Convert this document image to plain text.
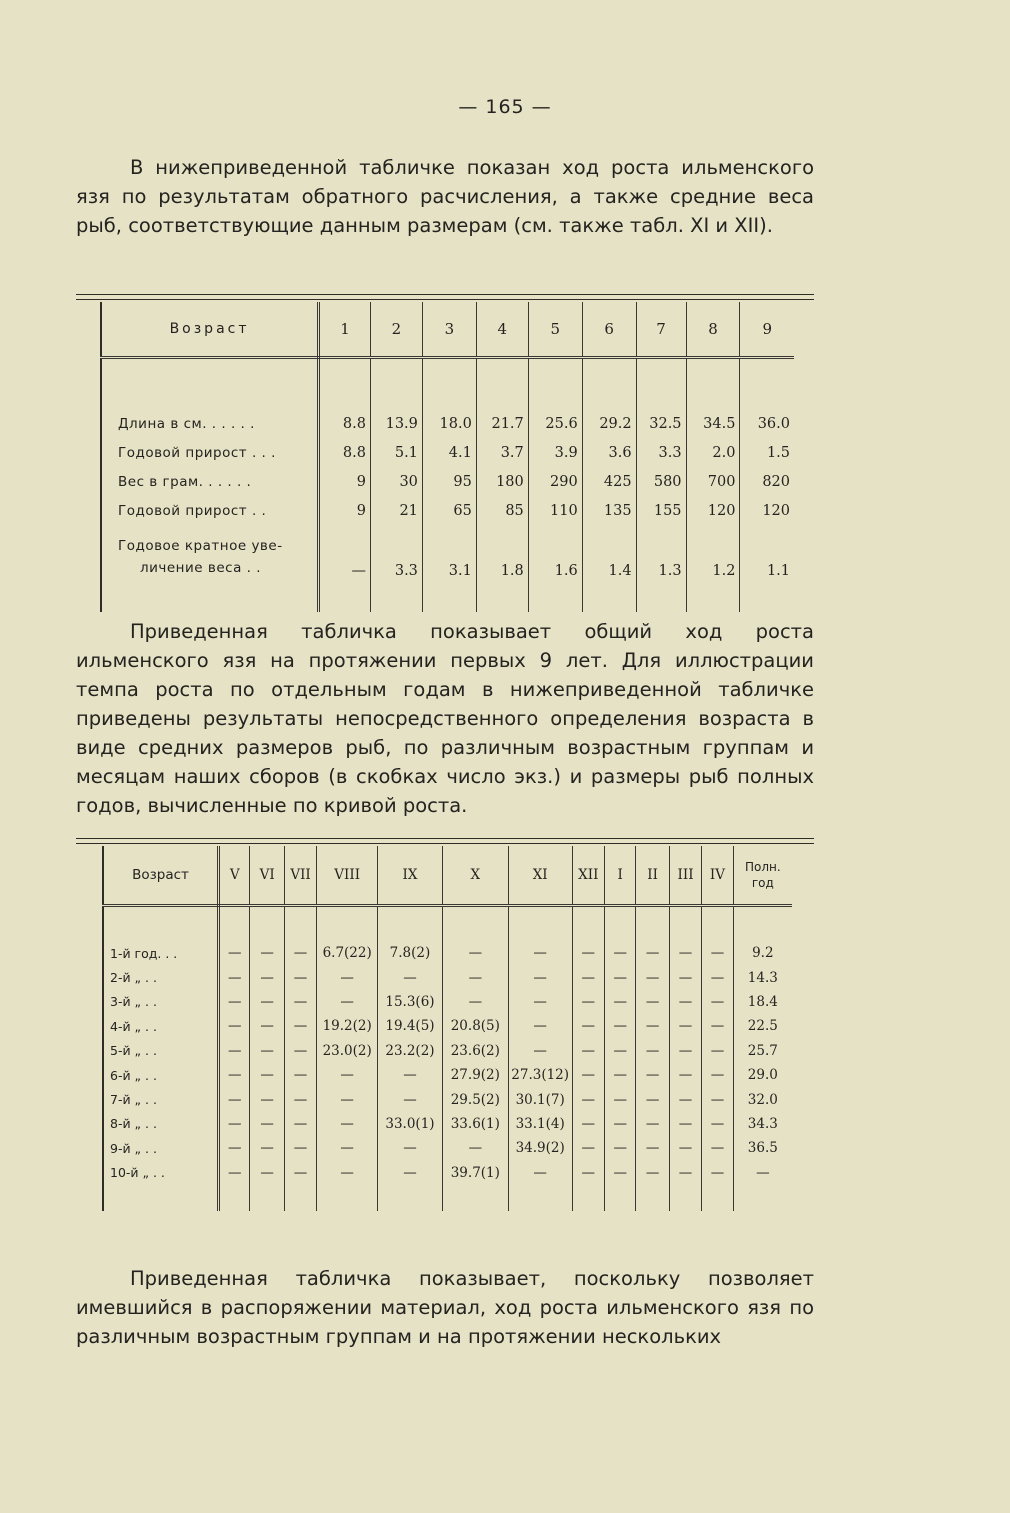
— 165 —

В нижеприведенной табличке показан ход роста ильменского язя по результатам обратного расчисления, а также средние веса рыб, соответствующие данным размерам (см. также табл. XI и XII).

Возраст	1	2	3	4	5	6	7	8	9

Длина в см. . . . . .	8.8	13.9	18.0	21.7	25.6	29.2	32.5	34.5	36.0

Годовой прирост . . .	8.8	5.1	4.1	3.7	3.9	3.6	3.3	2.0	1.5

Вес в грам. . . . . .	9	30	95	180	290	425	580	700	820

Годовой прирост . .	9	21	65	85	110	135	155	120	120

Годовое кратное уве-
личение веса . .	—	3.3	3.1	1.8	1.6	1.4	1.3	1.2	1.1

Приведенная табличка показывает общий ход роста ильменского язя на протяжении первых 9 лет. Для иллюстрации темпа роста по отдельным годам в нижеприведенной табличке приведены результаты непосредственного определения возраста в виде средних размеров рыб, по различным возрастным группам и месяцам наших сборов (в скобках число экз.) и размеры рыб полных годов, вычисленные по кривой роста.

Возраст	V	VI	VII	VIII	IX	X	XI	XII	I	II	III	IV	Полн. год

1-й год. . .	—	—	—	6.7(22)	7.8(2)	—	—	—	—	—	—	—	9.2
2-й „ . .	—	—	—	—	—	—	—	—	—	—	—	—	14.3
3-й „ . .	—	—	—	—	15.3(6)	—	—	—	—	—	—	—	18.4
4-й „ . .	—	—	—	19.2(2)	19.4(5)	20.8(5)	—	—	—	—	—	—	22.5
5-й „ . .	—	—	—	23.0(2)	23.2(2)	23.6(2)	—	—	—	—	—	—	25.7
6-й „ . .	—	—	—	—	—	27.9(2)	27.3(12)	—	—	—	—	—	29.0
7-й „ . .	—	—	—	—	—	29.5(2)	30.1(7)	—	—	—	—	—	32.0
8-й „ . .	—	—	—	—	33.0(1)	33.6(1)	33.1(4)	—	—	—	—	—	34.3
9-й „ . .	—	—	—	—	—	—	34.9(2)	—	—	—	—	—	36.5
10-й „ . .	—	—	—	—	—	39.7(1)	—	—	—	—	—	—	—

Приведенная табличка показывает, поскольку позволяет имевшийся в распоряжении материал, ход роста ильменского язя по различным возрастным группам и на протяжении нескольких
